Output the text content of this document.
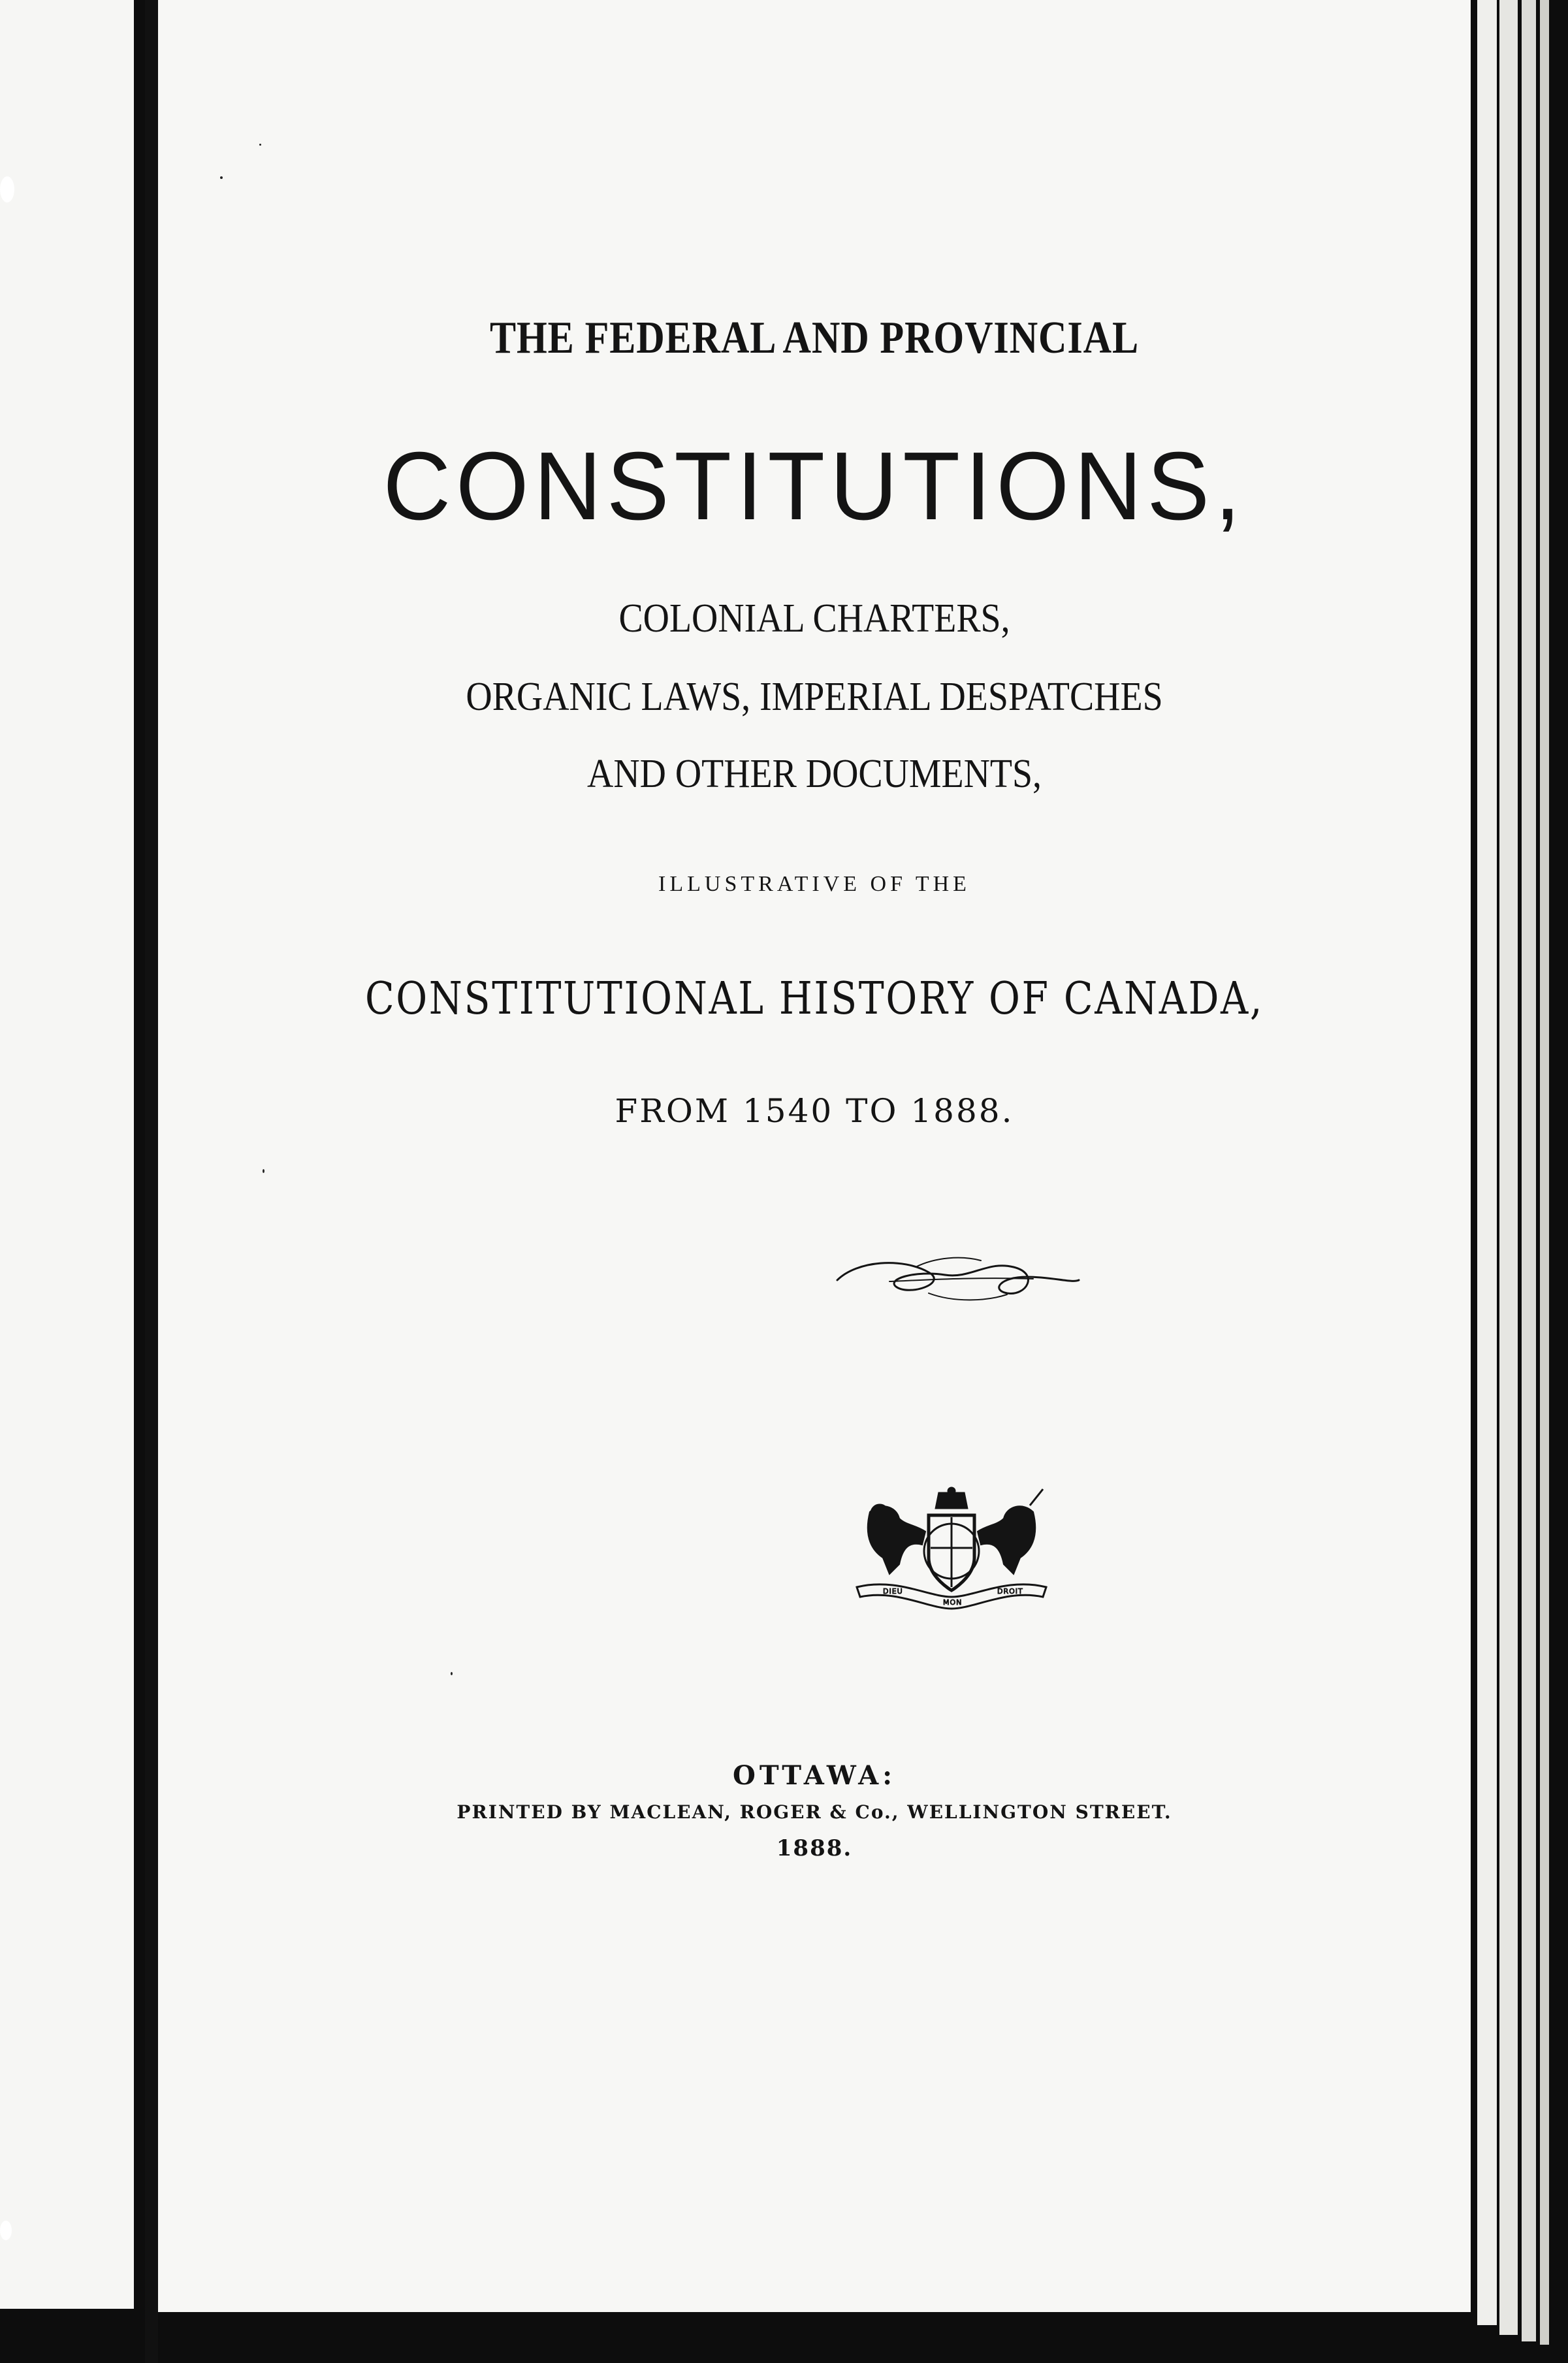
THE FEDERAL AND PROVINCIAL
CONSTITUTIONS,
COLONIAL CHARTERS,
ORGANIC LAWS, IMPERIAL DESPATCHES
AND OTHER DOCUMENTS,
ILLUSTRATIVE OF THE
CONSTITUTIONAL HISTORY OF CANADA,
FROM 1540 TO 1888.
DIEU
MON
DROIT
OTTAWA:
PRINTED BY MACLEAN, ROGER & Co., WELLINGTON STREET.
1888.
